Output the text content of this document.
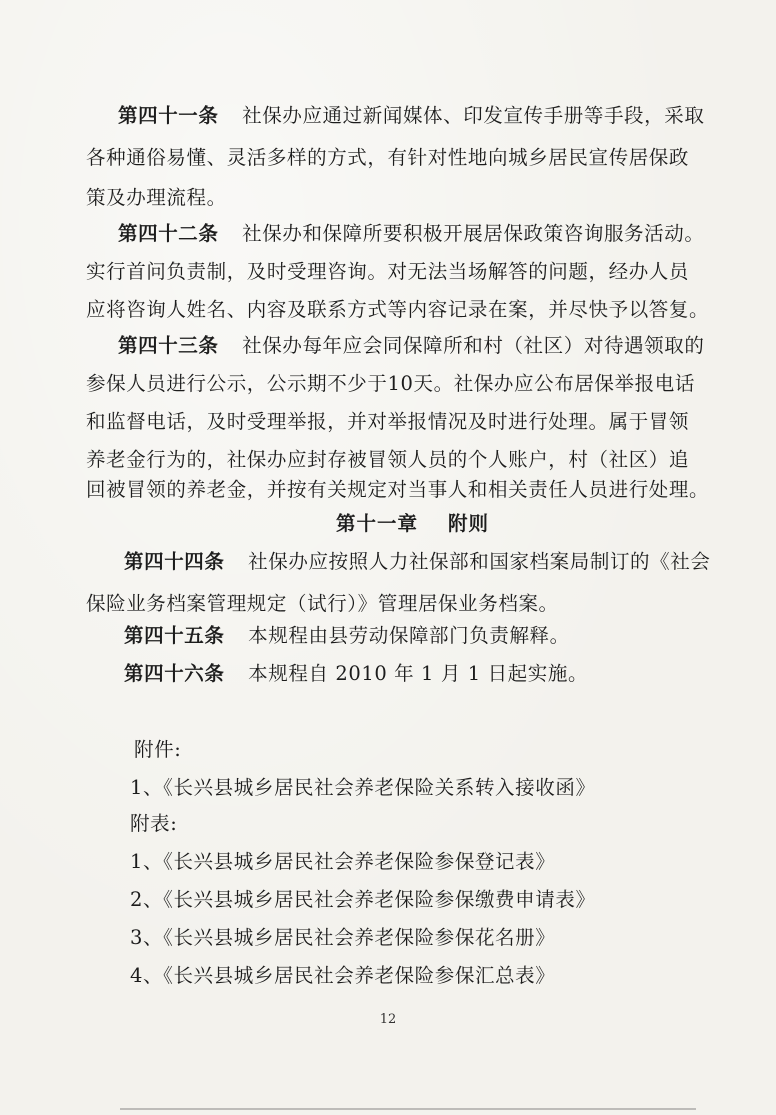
第四十一条 社保办应通过新闻媒体、印发宣传手册等手段，采取
各种通俗易懂、灵活多样的方式，有针对性地向城乡居民宣传居保政
策及办理流程。
第四十二条 社保办和保障所要积极开展居保政策咨询服务活动。
实行首问负责制，及时受理咨询。对无法当场解答的问题，经办人员
应将咨询人姓名、内容及联系方式等内容记录在案，并尽快予以答复。
第四十三条 社保办每年应会同保障所和村（社区）对待遇领取的
参保人员进行公示，公示期不少于10天。社保办应公布居保举报电话
和监督电话，及时受理举报，并对举报情况及时进行处理。属于冒领
养老金行为的，社保办应封存被冒领人员的个人账户，村（社区）追
回被冒领的养老金，并按有关规定对当事人和相关责任人员进行处理。
第十一章 附则
第四十四条 社保办应按照人力社保部和国家档案局制订的《社会
保险业务档案管理规定（试行）》管理居保业务档案。
第四十五条 本规程由县劳动保障部门负责解释。
第四十六条 本规程自 2010 年 1 月 1 日起实施。
附件:
1、《长兴县城乡居民社会养老保险关系转入接收函》
附表:
1、《长兴县城乡居民社会养老保险参保登记表》
2、《长兴县城乡居民社会养老保险参保缴费申请表》
3、《长兴县城乡居民社会养老保险参保花名册》
4、《长兴县城乡居民社会养老保险参保汇总表》
12
